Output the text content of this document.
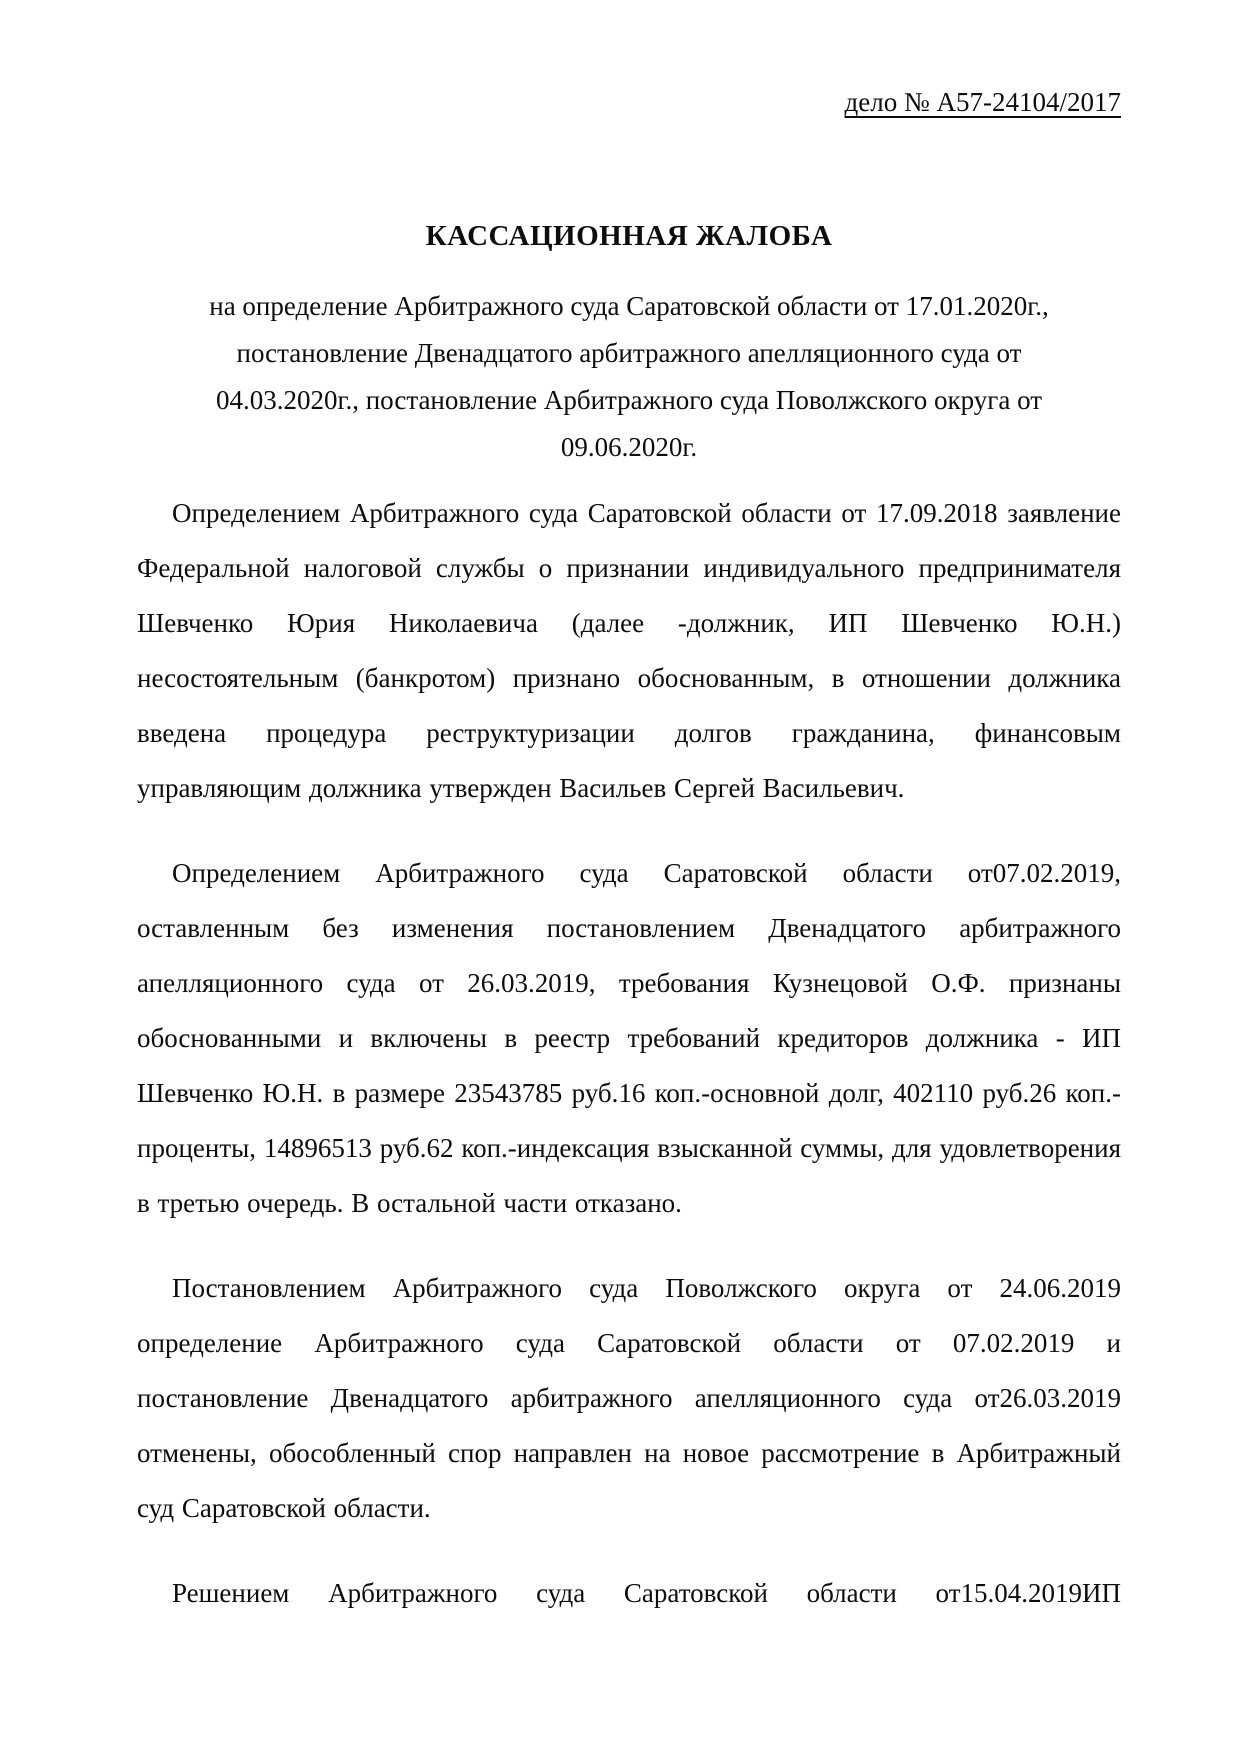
дело № А57-24104/2017

КАССАЦИОННАЯ ЖАЛОБА
на определение Арбитражного суда Саратовской области от 17.01.2020г.,
постановление Двенадцатого арбитражного апелляционного суда от
04.03.2020г., постановление Арбитражного суда Поволжского округа от
09.06.2020г.

Определением Арбитражного суда Саратовской области от 17.09.2018 заявление Федеральной налоговой службы о признании индивидуального предпринимателя Шевченко Юрия Николаевича (далее -должник, ИП Шевченко Ю.Н.) несостоятельным (банкротом) признано обоснованным, в отношении должника введена процедура реструктуризации долгов гражданина, финансовым управляющим должника утвержден Васильев Сергей Васильевич.

Определением Арбитражного суда Саратовской области от07.02.2019, оставленным без изменения постановлением Двенадцатого арбитражного апелляционного суда от 26.03.2019, требования Кузнецовой О.Ф. признаны обоснованными и включены в реестр требований кредиторов должника - ИП Шевченко Ю.Н. в размере 23543785 руб.16 коп.-основной долг, 402110 руб.26 коп.-проценты, 14896513 руб.62 коп.-индексация взысканной суммы, для удовлетворения в третью очередь. В остальной части отказано.

Постановлением Арбитражного суда Поволжского округа от 24.06.2019 определение Арбитражного суда Саратовской области от 07.02.2019 и постановление Двенадцатого арбитражного апелляционного суда от26.03.2019 отменены, обособленный спор направлен на новое рассмотрение в Арбитражный суд Саратовской области.

Решением Арбитражного суда Саратовской области от15.04.2019ИП
